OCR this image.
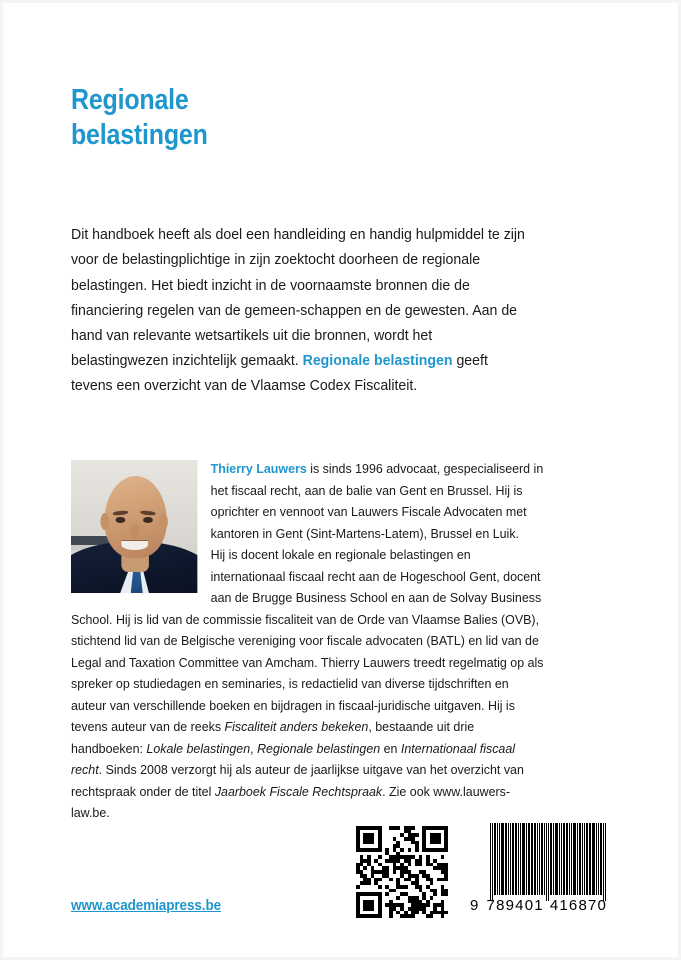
Regionale
belastingen

Dit handboek heeft als doel een handleiding en handig hulpmiddel te zijn voor de belastingplichtige in zijn zoektocht doorheen de regionale belastingen. Het biedt inzicht in de voornaamste bronnen die de financiering regelen van de gemeen-schappen en de gewesten. Aan de hand van relevante wetsartikels uit die bronnen, wordt het belastingwezen inzichtelijk gemaakt. Regionale belastingen geeft tevens een overzicht van de Vlaamse Codex Fiscaliteit.

Thierry Lauwers is sinds 1996 advocaat, gespecialiseerd in het fiscaal recht, aan de balie van Gent en Brussel. Hij is oprichter en vennoot van Lauwers Fiscale Advocaten met kantoren in Gent (Sint-Martens-Latem), Brussel en Luik.
Hij is docent lokale en regionale belastingen en internationaal fiscaal recht aan de Hogeschool Gent, docent aan de Brugge Business School en aan de Solvay Business School. Hij is lid van de commissie fiscaliteit van de Orde van Vlaamse Balies (OVB), stichtend lid van de Belgische vereniging voor fiscale advocaten (BATL) en lid van de Legal and Taxation Committee van Amcham. Thierry Lauwers treedt regelmatig op als spreker op studiedagen en seminaries, is redactielid van diverse tijdschriften en auteur van verschillende boeken en bijdragen in fiscaal-juridische uitgaven. Hij is tevens auteur van de reeks Fiscaliteit anders bekeken, bestaande uit drie handboeken: Lokale belastingen, Regionale belastingen en Internationaal fiscaal recht. Sinds 2008 verzorgt hij als auteur de jaarlijkse uitgave van het overzicht van rechtspraak onder de titel Jaarboek Fiscale Rechtspraak. Zie ook www.lauwers-law.be.
www.academiapress.be	9 789401 416870
